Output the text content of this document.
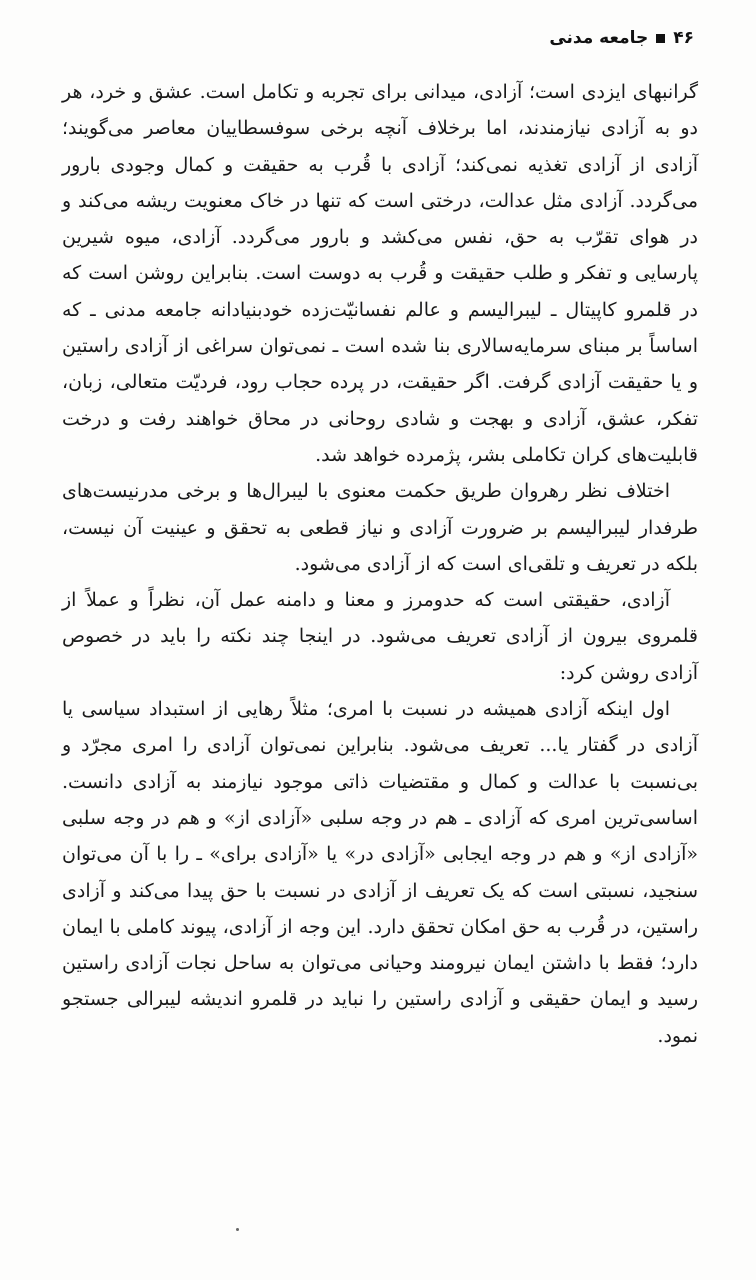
۴۶
جامعه مدنی

گرانبهای ایزدی است؛ آزادی، میدانی برای تجربه و تکامل است. عشق و خرد، هر دو به آزادی نیازمندند، اما برخلاف آنچه برخی سوفسطاییان معاصر می‌گویند؛ آزادی از آزادی تغذیه نمی‌کند؛ آزادی با قُرب به حقیقت و کمال وجودی بارور می‌گردد. آزادی مثل عدالت، درختی است که تنها در خاک معنویت ریشه می‌کند و در هوای تقرّب به حق، نفس می‌کشد و بارور می‌گردد. آزادی، میوه شیرین پارسایی و تفکر و طلب حقیقت و قُرب به دوست است. بنابراین روشن است که در قلمرو کاپیتال ـ لیبرالیسم و عالم نفسانیّت‌زده خودبنیادانه جامعه مدنی ـ که اساساً بر مبنای سرمایه‌سالاری بنا شده است ـ نمی‌توان سراغی از آزادی راستین و یا حقیقت آزادی گرفت. اگر حقیقت، در پرده حجاب رود، فردیّت متعالی، زبان، تفکر، عشق، آزادی و بهجت و شادی روحانی در محاق خواهند رفت و درخت قابلیت‌های کران تکاملی بشر، پژمرده خواهد شد.

اختلاف نظر رهروان طریق حکمت معنوی با لیبرال‌ها و برخی مدرنیست‌های طرفدار لیبرالیسم بر ضرورت آزادی و نیاز قطعی به تحقق و عینیت آن نیست، بلکه در تعریف و تلقی‌ای است که از آزادی می‌شود.

آزادی، حقیقتی است که حدومرز و معنا و دامنه عمل آن، نظراً و عملاً از قلمروی بیرون از آزادی تعریف می‌شود. در اینجا چند نکته را باید در خصوص آزادی روشن کرد:

اول اینکه آزادی همیشه در نسبت با امری؛ مثلاً رهایی از استبداد سیاسی یا آزادی در گفتار یا... تعریف می‌شود. بنابراین نمی‌توان آزادی را امری مجرّد و بی‌نسبت با عدالت و کمال و مقتضیات ذاتی موجود نیازمند به آزادی دانست. اساسی‌ترین امری که آزادی ـ هم در وجه سلبی «آزادی از» و هم در وجه سلبی «آزادی از» و هم در وجه ایجابی «آزادی در» یا «آزادی برای» ـ را با آن می‌توان سنجید، نسبتی است که یک تعریف از آزادی در نسبت با حق پیدا می‌کند و آزادی راستین، در قُرب به حق امکان تحقق دارد. این وجه از آزادی، پیوند کاملی با ایمان دارد؛ فقط با داشتن ایمان نیرومند وحیانی می‌توان به ساحل نجات آزادی راستین رسید و ایمان حقیقی و آزادی راستین را نباید در قلمرو اندیشه لیبرالی جستجو نمود.
